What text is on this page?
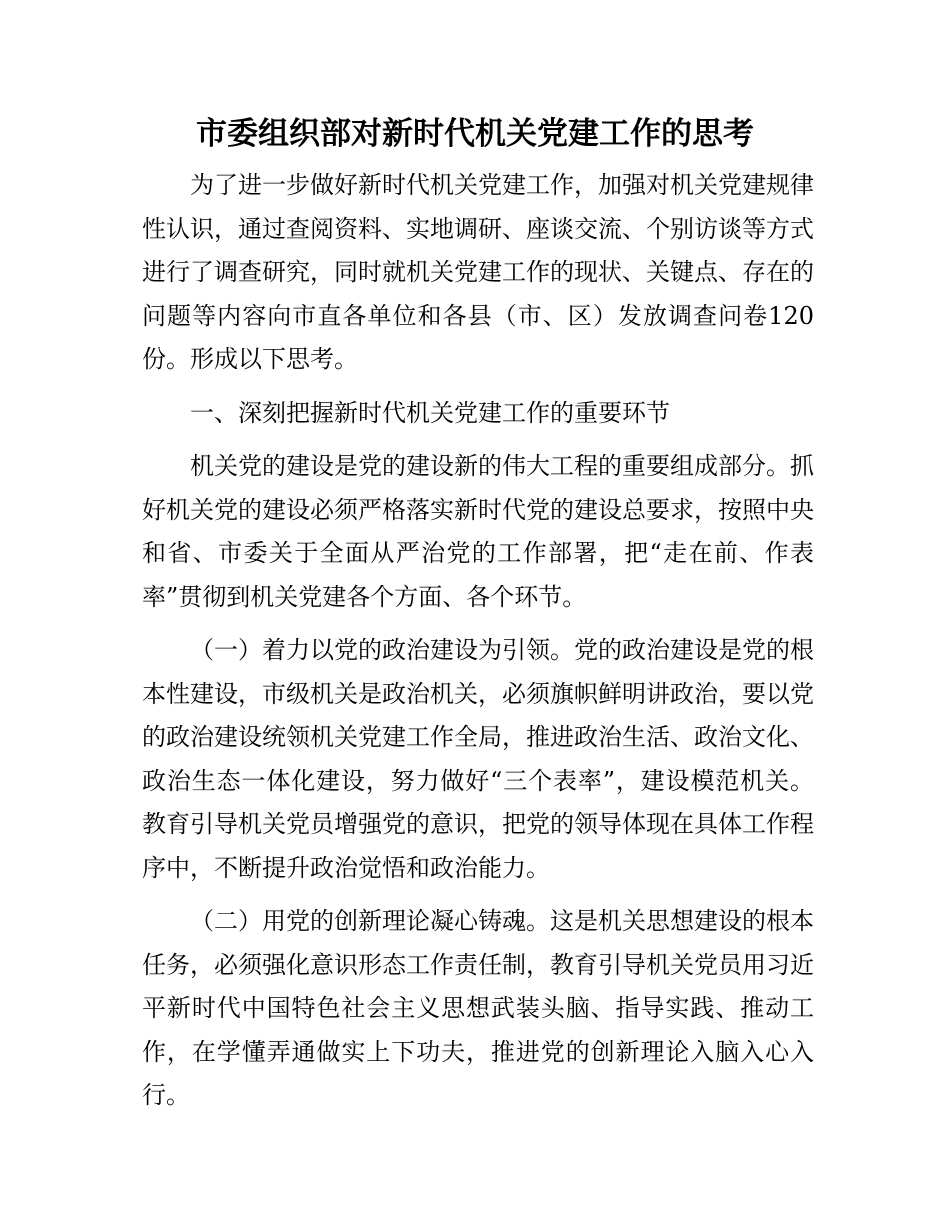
市委组织部对新时代机关党建工作的思考

为了进一步做好新时代机关党建工作，加强对机关党建规律性认识，通过查阅资料、实地调研、座谈交流、个别访谈等方式进行了调查研究，同时就机关党建工作的现状、关键点、存在的问题等内容向市直各单位和各县（市、区）发放调查问卷120份。形成以下思考。

一、深刻把握新时代机关党建工作的重要环节

机关党的建设是党的建设新的伟大工程的重要组成部分。抓好机关党的建设必须严格落实新时代党的建设总要求，按照中央和省、市委关于全面从严治党的工作部署，把“走在前、作表率”贯彻到机关党建各个方面、各个环节。

（一）着力以党的政治建设为引领。党的政治建设是党的根本性建设，市级机关是政治机关，必须旗帜鲜明讲政治，要以党的政治建设统领机关党建工作全局，推进政治生活、政治文化、政治生态一体化建设，努力做好“三个表率”，建设模范机关。教育引导机关党员增强党的意识，把党的领导体现在具体工作程序中，不断提升政治觉悟和政治能力。

（二）用党的创新理论凝心铸魂。这是机关思想建设的根本任务，必须强化意识形态工作责任制，教育引导机关党员用习近平新时代中国特色社会主义思想武装头脑、指导实践、推动工作，在学懂弄通做实上下功夫，推进党的创新理论入脑入心入行。
